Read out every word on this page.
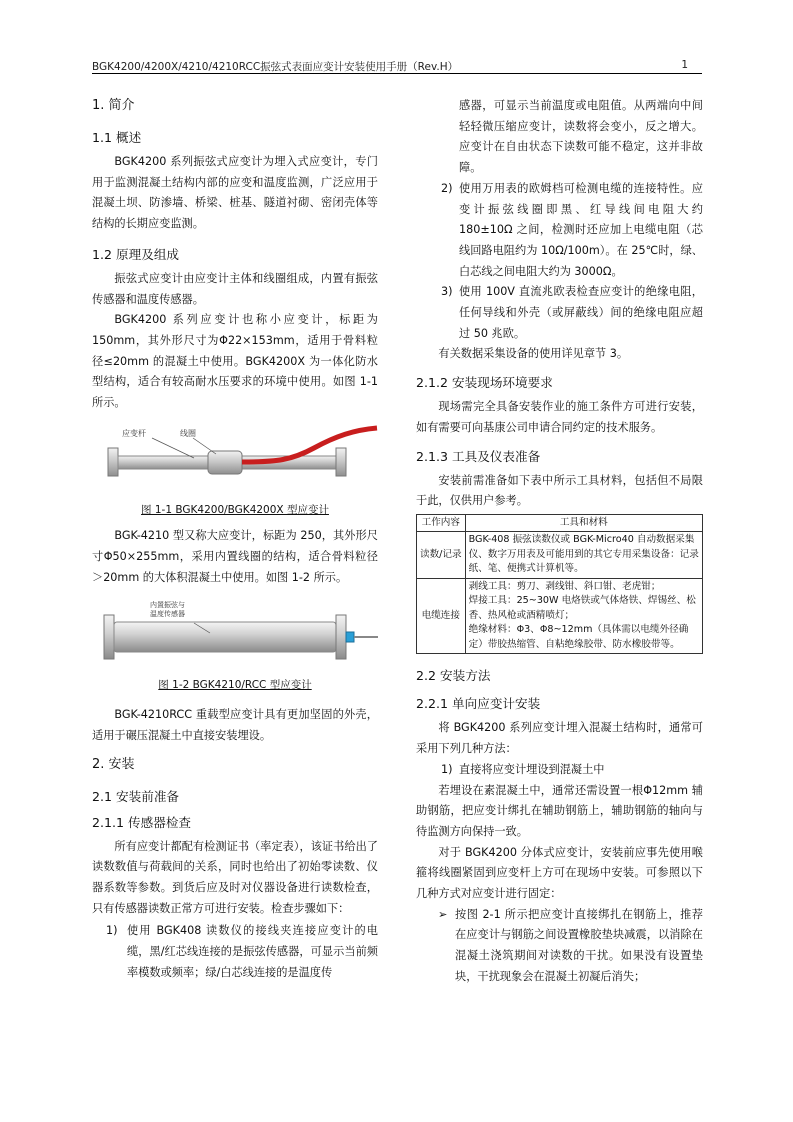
BGK4200/4200X/4210/4210RCC振弦式表面应变计安装使用手册（Rev.H）	1
1. 简介
1.1 概述

BGK4200 系列振弦式应变计为埋入式应变计，专门用于监测混凝土结构内部的应变和温度监测，广泛应用于混凝土坝、防渗墙、桥梁、桩基、隧道衬砌、密闭壳体等结构的长期应变监测。

1.2 原理及组成

振弦式应变计由应变计主体和线圈组成，内置有振弦传感器和温度传感器。

BGK4200 系列应变计也称小应变计，标距为 150mm，其外形尺寸为Φ22×153mm，适用于骨料粒径≤20mm 的混凝土中使用。BGK4200X 为一体化防水型结构，适合有较高耐水压要求的环境中使用。如图 1-1 所示。

应变杆	线圈
图 1-1 BGK4200/BGK4200X 型应变计

BGK-4210 型又称大应变计，标距为 250，其外形尺寸Φ50×255mm，采用内置线圈的结构，适合骨料粒径＞20mm 的大体积混凝土中使用。如图 1-2 所示。

内置振弦与
温度传感器
图 1-2 BGK4210/RCC 型应变计

BGK-4210RCC 重载型应变计具有更加坚固的外壳，适用于碾压混凝土中直接安装埋设。

2. 安装
2.1 安装前准备
2.1.1 传感器检查

所有应变计都配有检测证书（率定表），该证书给出了读数数值与荷载间的关系，同时也给出了初始零读数、仪器系数等参数。到货后应及时对仪器设备进行读数检查，只有传感器读数正常方可进行安装。检查步骤如下：

1) 使用 BGK408 读数仪的接线夹连接应变计的电缆，黑/红芯线连接的是振弦传感器，可显示当前频率模数或频率；绿/白芯线连接的是温度传

感器，可显示当前温度或电阻值。从两端向中间轻轻微压缩应变计，读数将会变小，反之增大。应变计在自由状态下读数可能不稳定，这并非故障。

2) 使用万用表的欧姆档可检测电缆的连接特性。应变计振弦线圈即黑、红导线间电阻大约 180±10Ω 之间，检测时还应加上电缆电阻（芯线回路电阻约为 10Ω/100m）。在 25℃时，绿、白芯线之间电阻大约为 3000Ω。
3) 使用 100V 直流兆欧表检查应变计的绝缘电阻，任何导线和外壳（或屏蔽线）间的绝缘电阻应超过 50 兆欧。

有关数据采集设备的使用详见章节 3。

2.1.2 安装现场环境要求

现场需完全具备安装作业的施工条件方可进行安装，如有需要可向基康公司申请合同约定的技术服务。

2.1.3 工具及仪表准备

安装前需准备如下表中所示工具材料，包括但不局限于此，仅供用户参考。

工作内容	工具和材料
读数/记录	BGK-408 振弦读数仪或 BGK-Micro40 自动数据采集仪、数字万用表及可能用到的其它专用采集设备：记录纸、笔、便携式计算机等。

电缆连接	剥线工具：剪刀、剥线钳、斜口钳、老虎钳；
焊接工具：25~30W 电烙铁或气体烙铁、焊锡丝、松香、热风枪或酒精喷灯；
绝缘材料：Φ3、Φ8~12mm（具体需以电缆外径确定）带胶热缩管、自粘绝缘胶带、防水橡胶带等。
2.2 安装方法
2.2.1 单向应变计安装

将 BGK4200 系列应变计埋入混凝土结构时，通常可采用下列几种方法：

1) 直接将应变计埋设到混凝土中

若埋设在素混凝土中，通常还需设置一根Φ12mm 辅助钢筋，把应变计绑扎在辅助钢筋上，辅助钢筋的轴向与待监测方向保持一致。

对于 BGK4200 分体式应变计，安装前应事先使用喉箍将线圈紧固到应变杆上方可在现场中安装。可参照以下几种方式对应变计进行固定：

➢ 按图 2-1 所示把应变计直接绑扎在钢筋上，推荐在应变计与钢筋之间设置橡胶垫块减震，以消除在混凝土浇筑期间对读数的干扰。如果没有设置垫块，干扰现象会在混凝土初凝后消失；
